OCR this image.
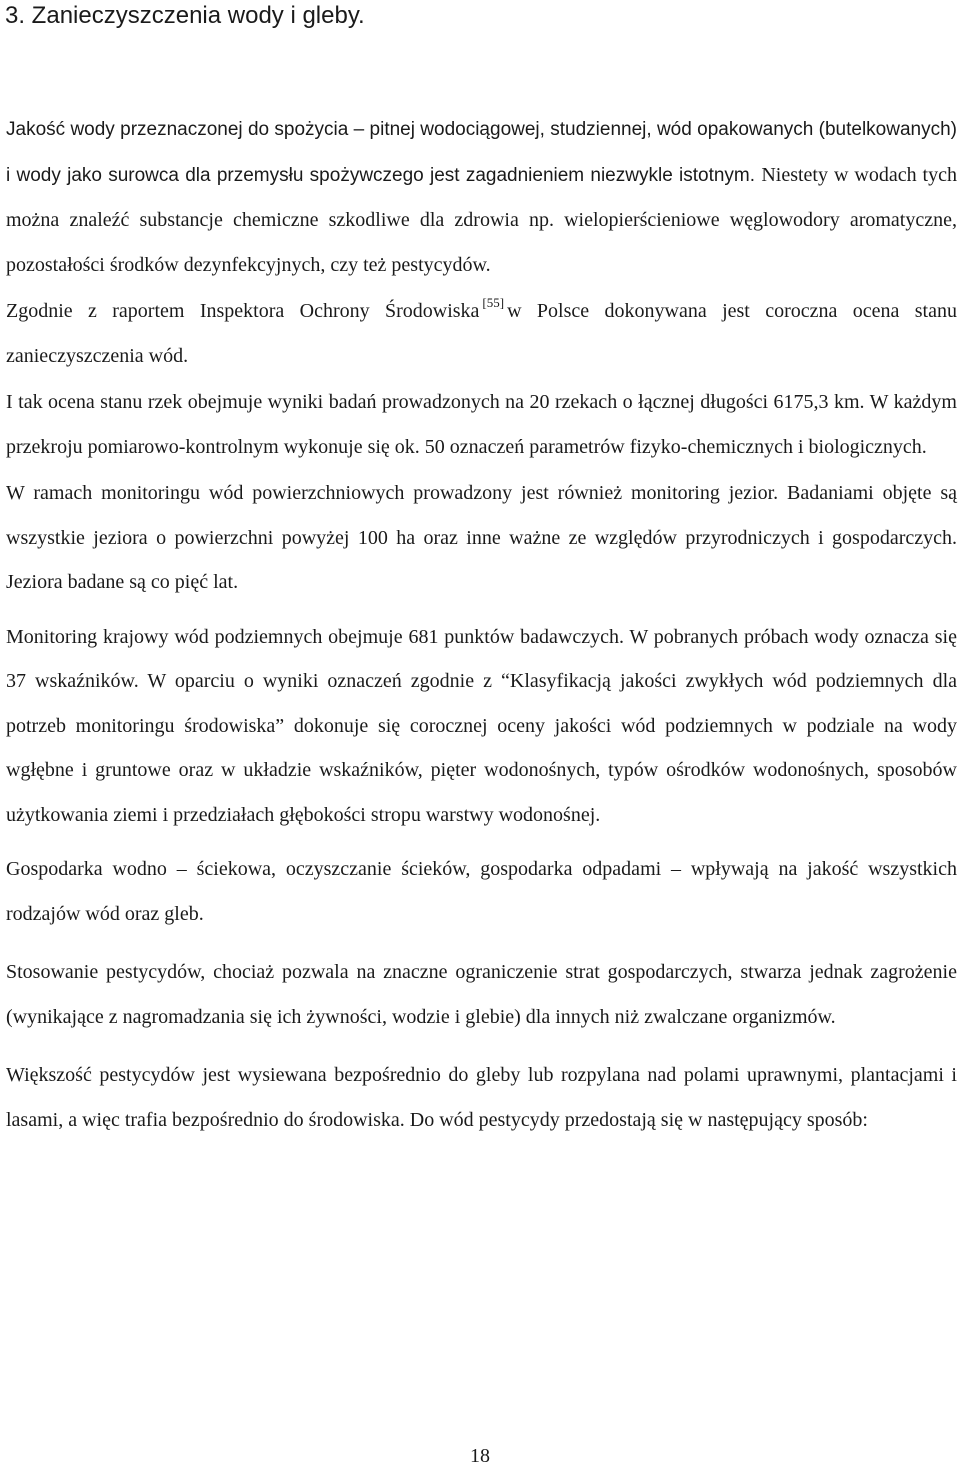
3. Zanieczyszczenia wody i gleby.

Jakość wody przeznaczonej do spożycia – pitnej wodociągowej, studziennej, wód opakowanych (butelkowanych) i wody jako surowca dla przemysłu spożywczego jest zagadnieniem niezwykle istotnym. Niestety w wodach tych można znaleźć substancje chemiczne szkodliwe dla zdrowia np. wielopierścieniowe węglowodory aromatyczne, pozostałości środków dezynfekcyjnych, czy też pestycydów.

Zgodnie z raportem Inspektora Ochrony Środowiska [55] w Polsce dokonywana jest coroczna ocena stanu zanieczyszczenia wód.

I tak ocena stanu rzek obejmuje wyniki badań prowadzonych na 20 rzekach o łącznej długości 6175,3 km. W każdym przekroju pomiarowo-kontrolnym wykonuje się ok. 50 oznaczeń parametrów fizyko-chemicznych i biologicznych.

W ramach monitoringu wód powierzchniowych prowadzony jest również monitoring jezior. Badaniami objęte są wszystkie jeziora o powierzchni powyżej 100 ha oraz inne ważne ze względów przyrodniczych i gospodarczych. Jeziora badane są co pięć lat.

Monitoring krajowy wód podziemnych obejmuje 681 punktów badawczych. W pobranych próbach wody oznacza się 37 wskaźników. W oparciu o wyniki oznaczeń zgodnie z “Klasyfikacją jakości zwykłych wód podziemnych dla potrzeb monitoringu środowiska” dokonuje się corocznej oceny jakości wód podziemnych w podziale na wody wgłębne i gruntowe oraz w układzie wskaźników, pięter wodonośnych, typów ośrodków wodonośnych, sposobów użytkowania ziemi i przedziałach głębokości stropu warstwy wodonośnej.

Gospodarka wodno – ściekowa, oczyszczanie ścieków, gospodarka odpadami – wpływają na jakość wszystkich rodzajów wód oraz gleb.

Stosowanie pestycydów, chociaż pozwala na znaczne ograniczenie strat gospodarczych, stwarza jednak zagrożenie (wynikające z nagromadzania się ich żywności, wodzie i glebie) dla innych niż zwalczane organizmów.

Większość pestycydów jest wysiewana bezpośrednio do gleby lub rozpylana nad polami uprawnymi, plantacjami i lasami, a więc trafia bezpośrednio do środowiska. Do wód pestycydy przedostają się w następujący sposób:

18
